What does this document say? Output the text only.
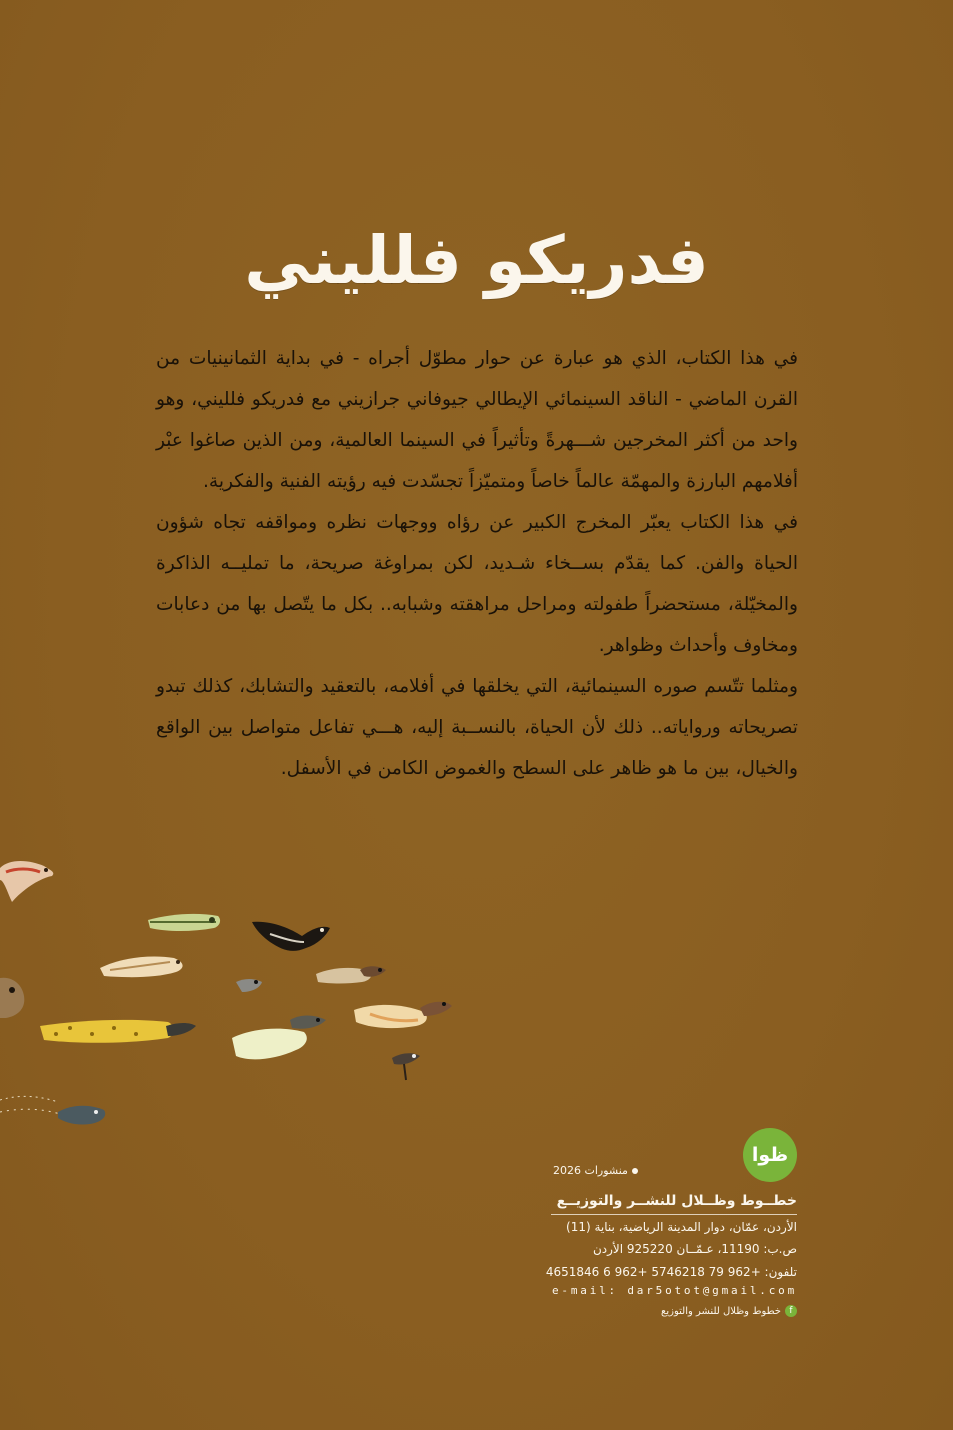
فدريكو فلليني

في هذا الكتاب، الذي هو عبارة عن حوار مطوّل أجراه - في بداية الثمانينيات من القرن الماضي - الناقد السينمائي الإيطالي جيوفاني جرازيني مع فدريكو فلليني، وهو واحد من أكثر المخرجين شـــهرةً وتأثيراً في السينما العالمية، ومن الذين صاغوا عبْر أفلامهم البارزة والمهمّة عالماً خاصاً ومتميّزاً تجسّدت فيه رؤيته الفنية والفكرية.

في هذا الكتاب يعبّر المخرج الكبير عن رؤاه ووجهات نظره ومواقفه تجاه شؤون الحياة والفن. كما يقدّم بســخاء شـديد، لكن بمراوغة صريحة، ما تمليــه الذاكرة والمخيّلة، مستحضراً طفولته ومراحل مراهقته وشبابه.. بكل ما يتّصل بها من دعابات ومخاوف وأحداث وظواهر.

ومثلما تتّسم صوره السينمائية، التي يخلقها في أفلامه، بالتعقيد والتشابك، كذلك تبدو تصريحاته ورواياته.. ذلك لأن الحياة، بالنســبة إليه، هـــي تفاعل متواصل بين الواقع والخيال، بين ما هو ظاهر على السطح والغموض الكامن في الأسفل.

ظوا
منشورات 2026
خطــوط وظــلال للنشــر والتوزيــع
الأردن، عمّان، دوار المدينة الرياضية، بناية (11)
ص.ب: 11190، عـمّــان 925220 الأردن
تلفون: +962 79 5746218 +962 6 4651846
e-mail: dar5otot@gmail.com
fخطوط وظلال للنشر والتوزيع
